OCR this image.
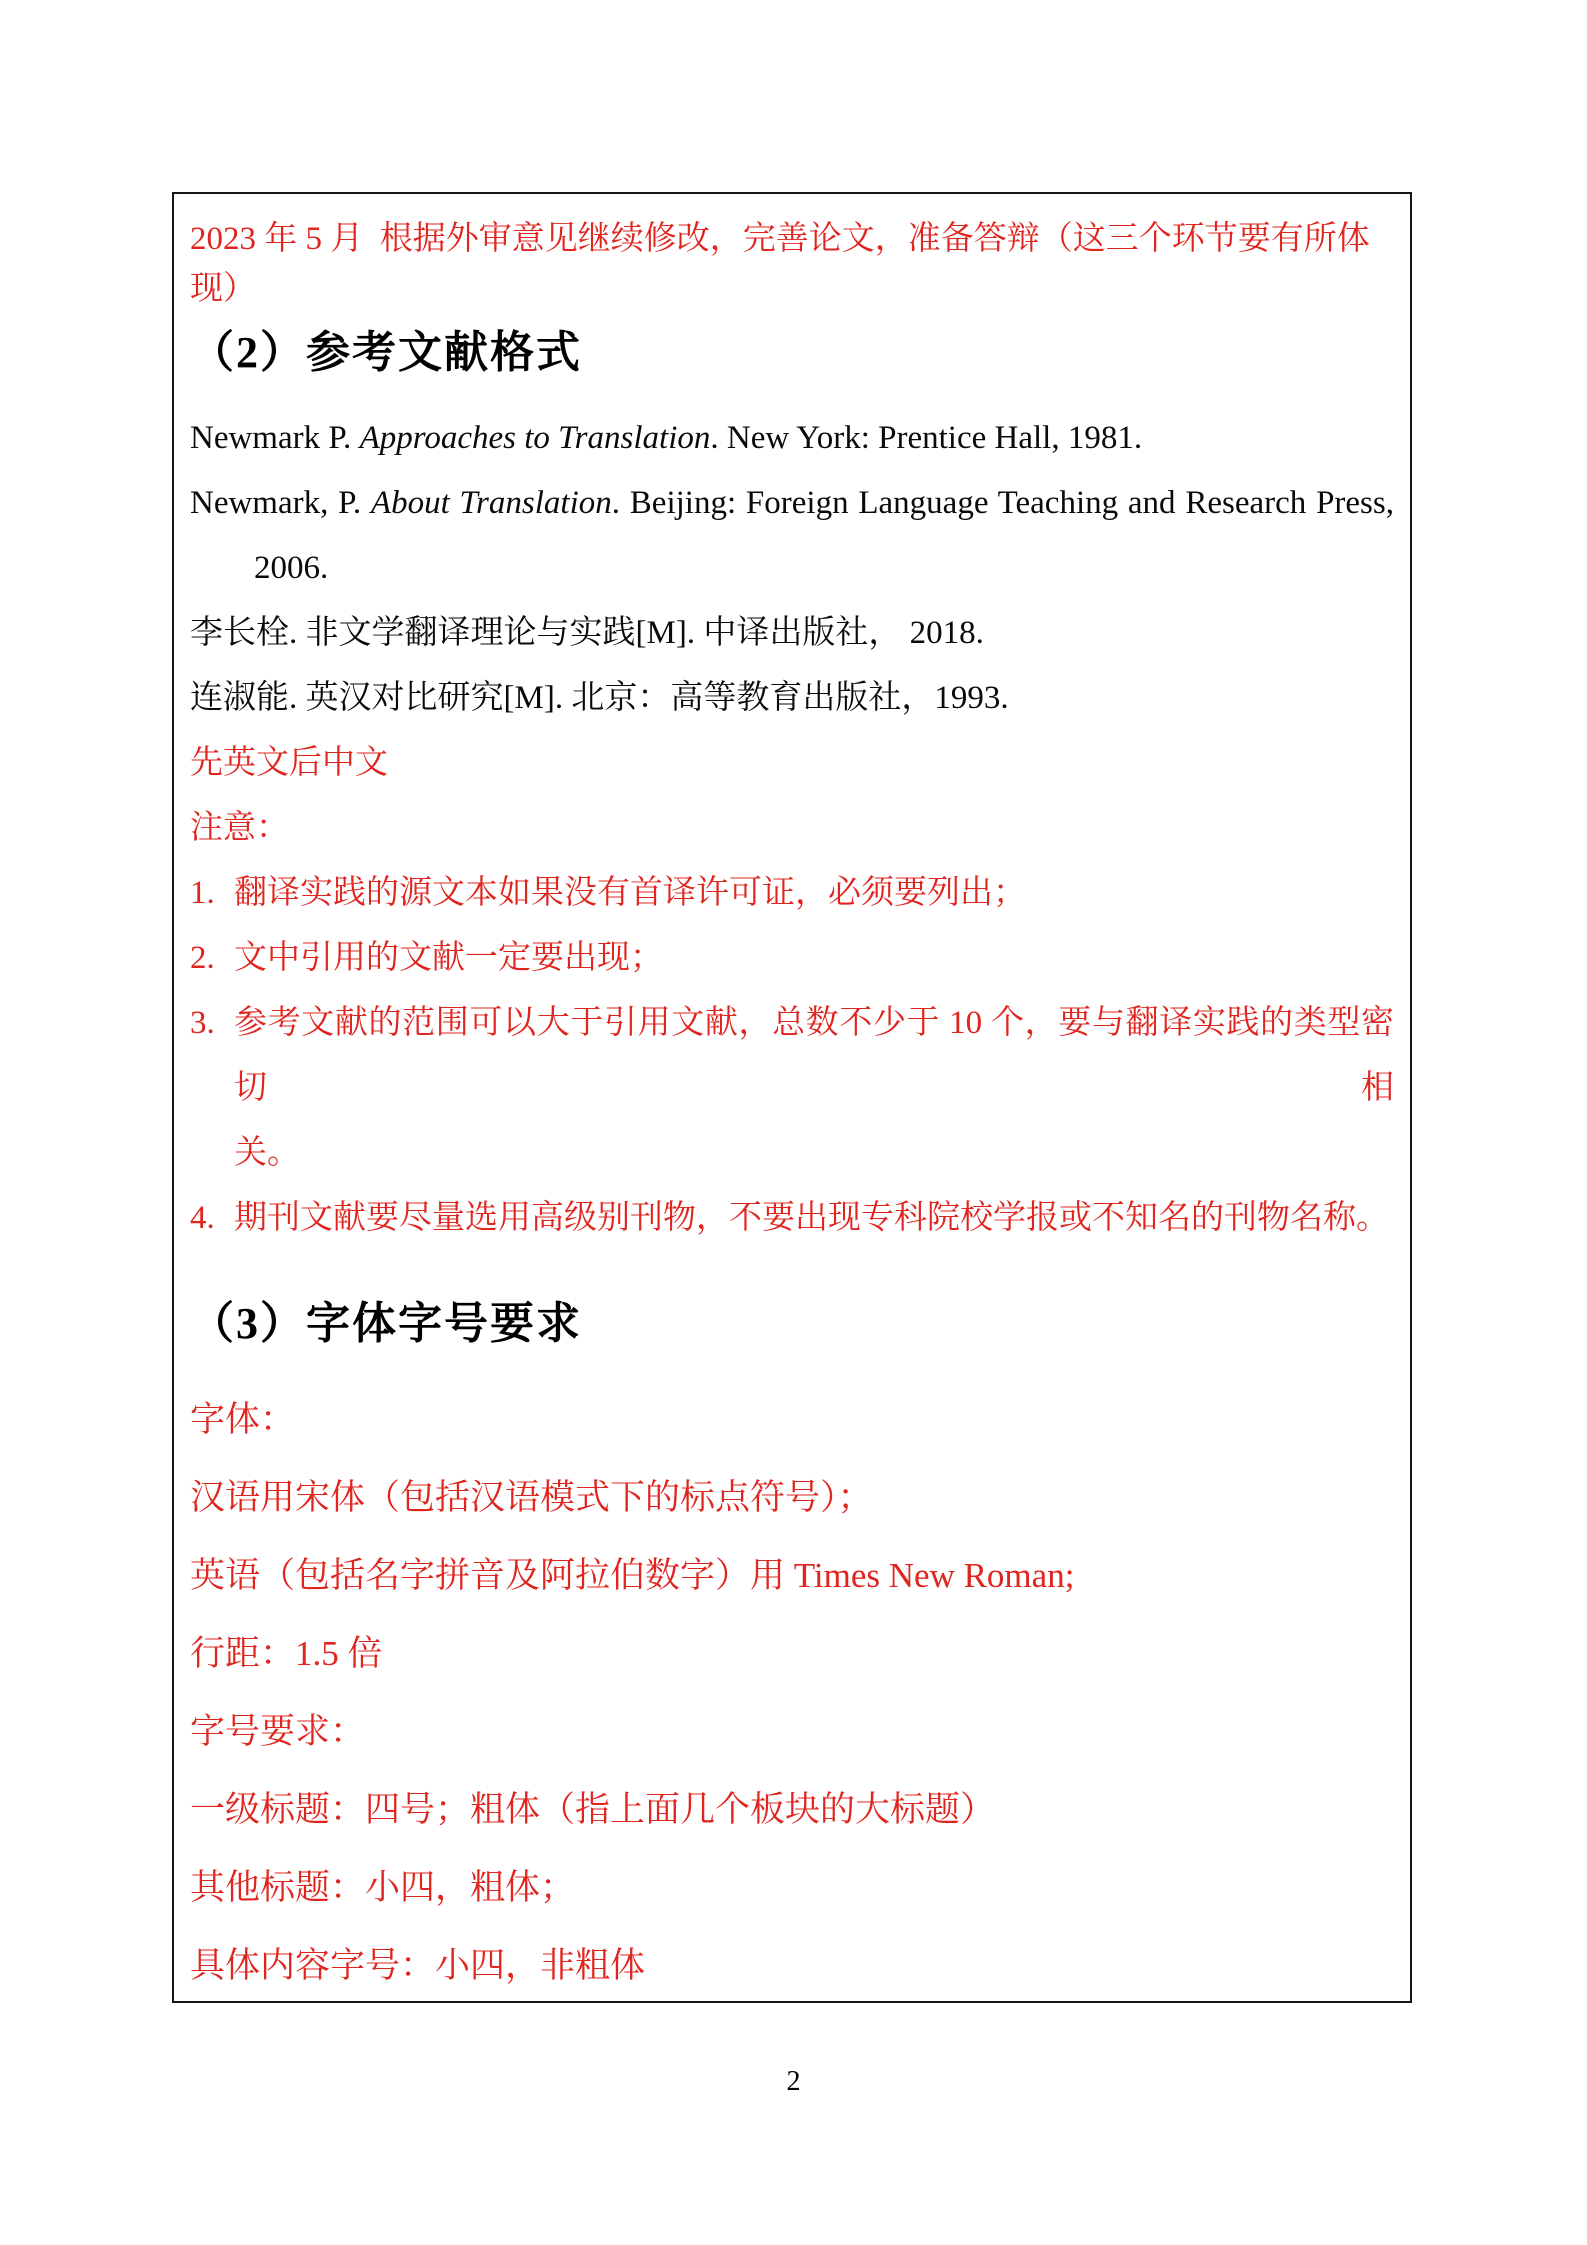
2023 年 5 月  根据外审意见继续修改，完善论文，准备答辩（这三个环节要有所体现）
（2）参考文献格式
Newmark P. Approaches to Translation. New York: Prentice Hall, 1981.
Newmark, P. About Translation. Beijing: Foreign Language Teaching and Research Press,
2006.
李长栓. 非文学翻译理论与实践[M]. 中译出版社， 2018.
连淑能. 英汉对比研究[M]. 北京：高等教育出版社，1993.
先英文后中文
注意：
1. 翻译实践的源文本如果没有首译许可证，必须要列出；
2. 文中引用的文献一定要出现；
3. 参考文献的范围可以大于引用文献，总数不少于 10 个，要与翻译实践的类型密切相
关。
4. 期刊文献要尽量选用高级别刊物，不要出现专科院校学报或不知名的刊物名称。
（3）字体字号要求
字体：
汉语用宋体（包括汉语模式下的标点符号）；
英语（包括名字拼音及阿拉伯数字）用 Times New Roman;
行距：1.5 倍
字号要求：
一级标题：四号；粗体（指上面几个板块的大标题）
其他标题：小四，粗体；
具体内容字号：小四，非粗体
2
